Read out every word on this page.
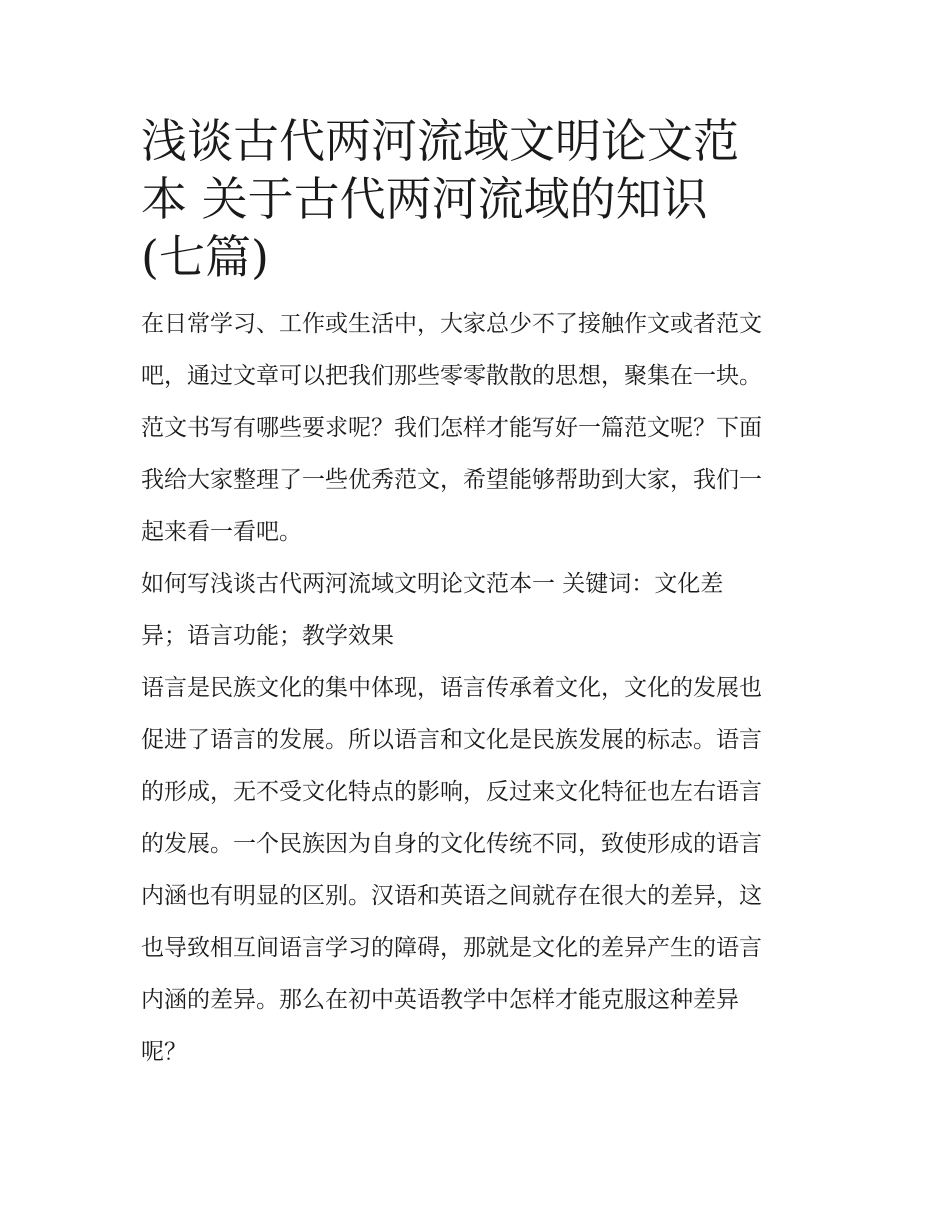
浅谈古代两河流域文明论文范
本 关于古代两河流域的知识
(七篇)
在日常学习、工作或生活中，大家总少不了接触作文或者范文
吧，通过文章可以把我们那些零零散散的思想，聚集在一块。
范文书写有哪些要求呢？我们怎样才能写好一篇范文呢？下面
我给大家整理了一些优秀范文，希望能够帮助到大家，我们一
起来看一看吧。
如何写浅谈古代两河流域文明论文范本一 关键词：文化差
异；语言功能；教学效果
语言是民族文化的集中体现，语言传承着文化，文化的发展也
促进了语言的发展。所以语言和文化是民族发展的标志。语言
的形成，无不受文化特点的影响，反过来文化特征也左右语言
的发展。一个民族因为自身的文化传统不同，致使形成的语言
内涵也有明显的区别。汉语和英语之间就存在很大的差异，这
也导致相互间语言学习的障碍，那就是文化的差异产生的语言
内涵的差异。那么在初中英语教学中怎样才能克服这种差异
呢？
